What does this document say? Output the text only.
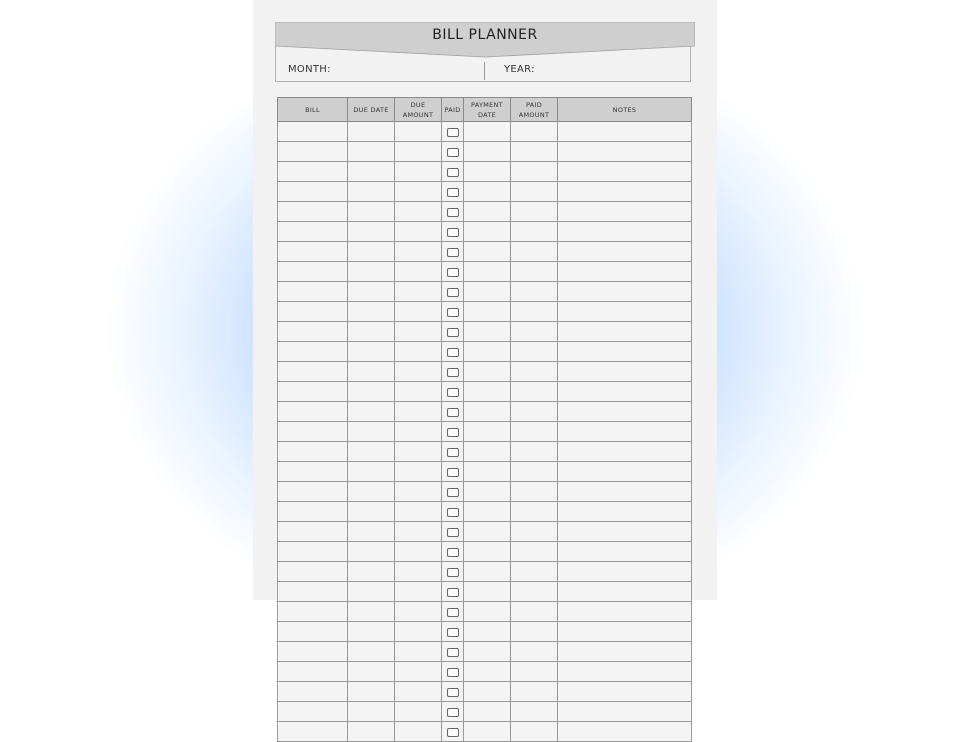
BILL PLANNER
MONTH:	YEAR:
BILL	DUE DATE	DUE AMOUNT	PAID	PAYMENT DATE	PAID AMOUNT	NOTES
